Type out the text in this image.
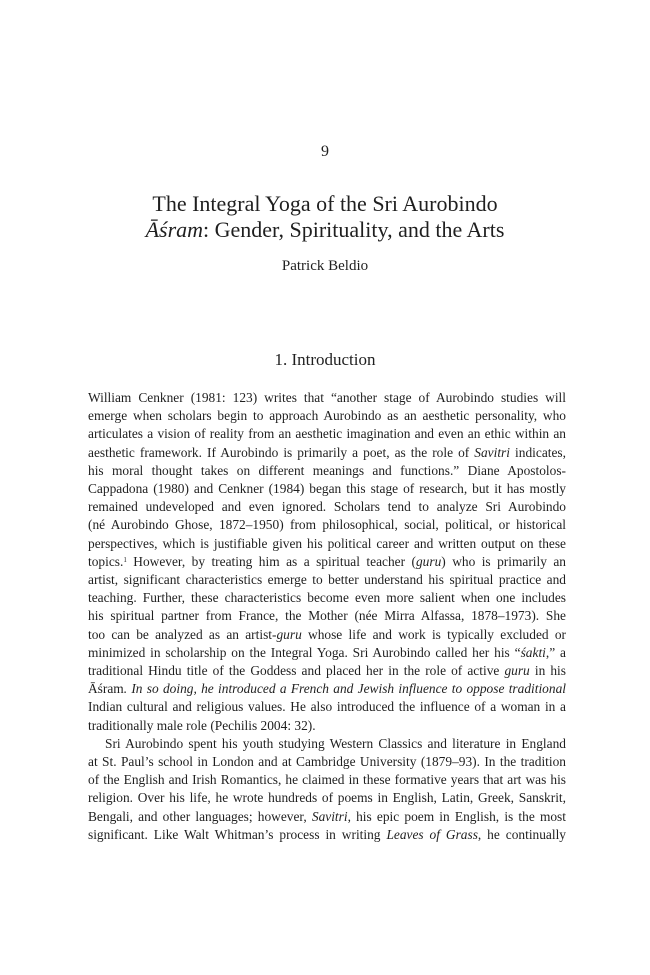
9
The Integral Yoga of the Sri Aurobindo
Āśram: Gender, Spirituality, and the Arts

Patrick Beldio

1. Introduction
William Cenkner (1981: 123) writes that “another stage of Aurobindo studies will
emerge when scholars begin to approach Aurobindo as an aesthetic personality, who
articulates a vision of reality from an aesthetic imagination and even an ethic within an
aesthetic framework. If Aurobindo is primarily a poet, as the role of Savitri indicates,
his moral thought takes on different meanings and functions.” Diane Apostolos-
Cappadona (1980) and Cenkner (1984) began this stage of research, but it has mostly
remained undeveloped and even ignored. Scholars tend to analyze Sri Aurobindo
(né Aurobindo Ghose, 1872–1950) from philosophical, social, political, or historical
perspectives, which is justifiable given his political career and written output on these
topics.$^1$ However, by treating him as a spiritual teacher (guru) who is primarily an
artist, significant characteristics emerge to better understand his spiritual practice and
teaching. Further, these characteristics become even more salient when one includes
his spiritual partner from France, the Mother (née Mirra Alfassa, 1878–1973). She
too can be analyzed as an artist-guru whose life and work is typically excluded or
minimized in scholarship on the Integral Yoga. Sri Aurobindo called her his “śakti,” a
traditional Hindu title of the Goddess and placed her in the role of active guru in his
Āśram. In so doing, he introduced a French and Jewish influence to oppose traditional
Indian cultural and religious values. He also introduced the influence of a woman in a
traditionally male role (Pechilis 2004: 32).
Sri Aurobindo spent his youth studying Western Classics and literature in England
at St. Paul’s school in London and at Cambridge University (1879–93). In the tradition
of the English and Irish Romantics, he claimed in these formative years that art was his
religion. Over his life, he wrote hundreds of poems in English, Latin, Greek, Sanskrit,
Bengali, and other languages; however, Savitri, his epic poem in English, is the most
significant. Like Walt Whitman’s process in writing Leaves of Grass, he continually
